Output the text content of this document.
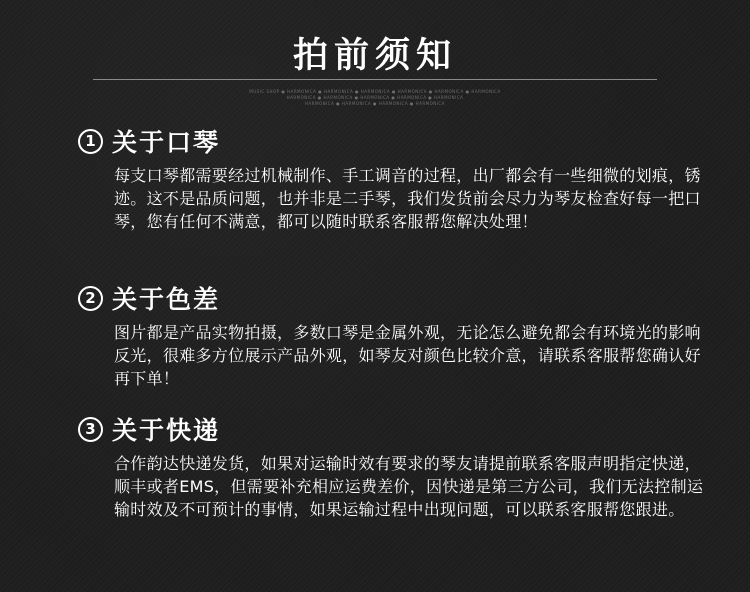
拍前须知
MUSIC SHOP ● HARMONICA ● HARMONICA ● HARMONICA ● HARMONICA ● HARMONICA ● HARMONICA
HARMONICA ● HARMONICA ● HARMONICA ● HARMONICA ● HARMONICA
HARMONICA ● HARMONICA ● HARMONICA ● HARMONICA
1 关于口琴
每支口琴都需要经过机械制作、手工调音的过程，出厂都会有一些细微的划痕，锈迹。这不是品质问题，也并非是二手琴，我们发货前会尽力为琴友检查好每一把口琴，您有任何不满意，都可以随时联系客服帮您解决处理！
2 关于色差
图片都是产品实物拍摄，多数口琴是金属外观，无论怎么避免都会有环境光的影响反光，很难多方位展示产品外观，如琴友对颜色比较介意，请联系客服帮您确认好再下单！
3 关于快递
合作韵达快递发货，如果对运输时效有要求的琴友请提前联系客服声明指定快递，顺丰或者EMS，但需要补充相应运费差价，因快递是第三方公司，我们无法控制运输时效及不可预计的事情，如果运输过程中出现问题，可以联系客服帮您跟进。
